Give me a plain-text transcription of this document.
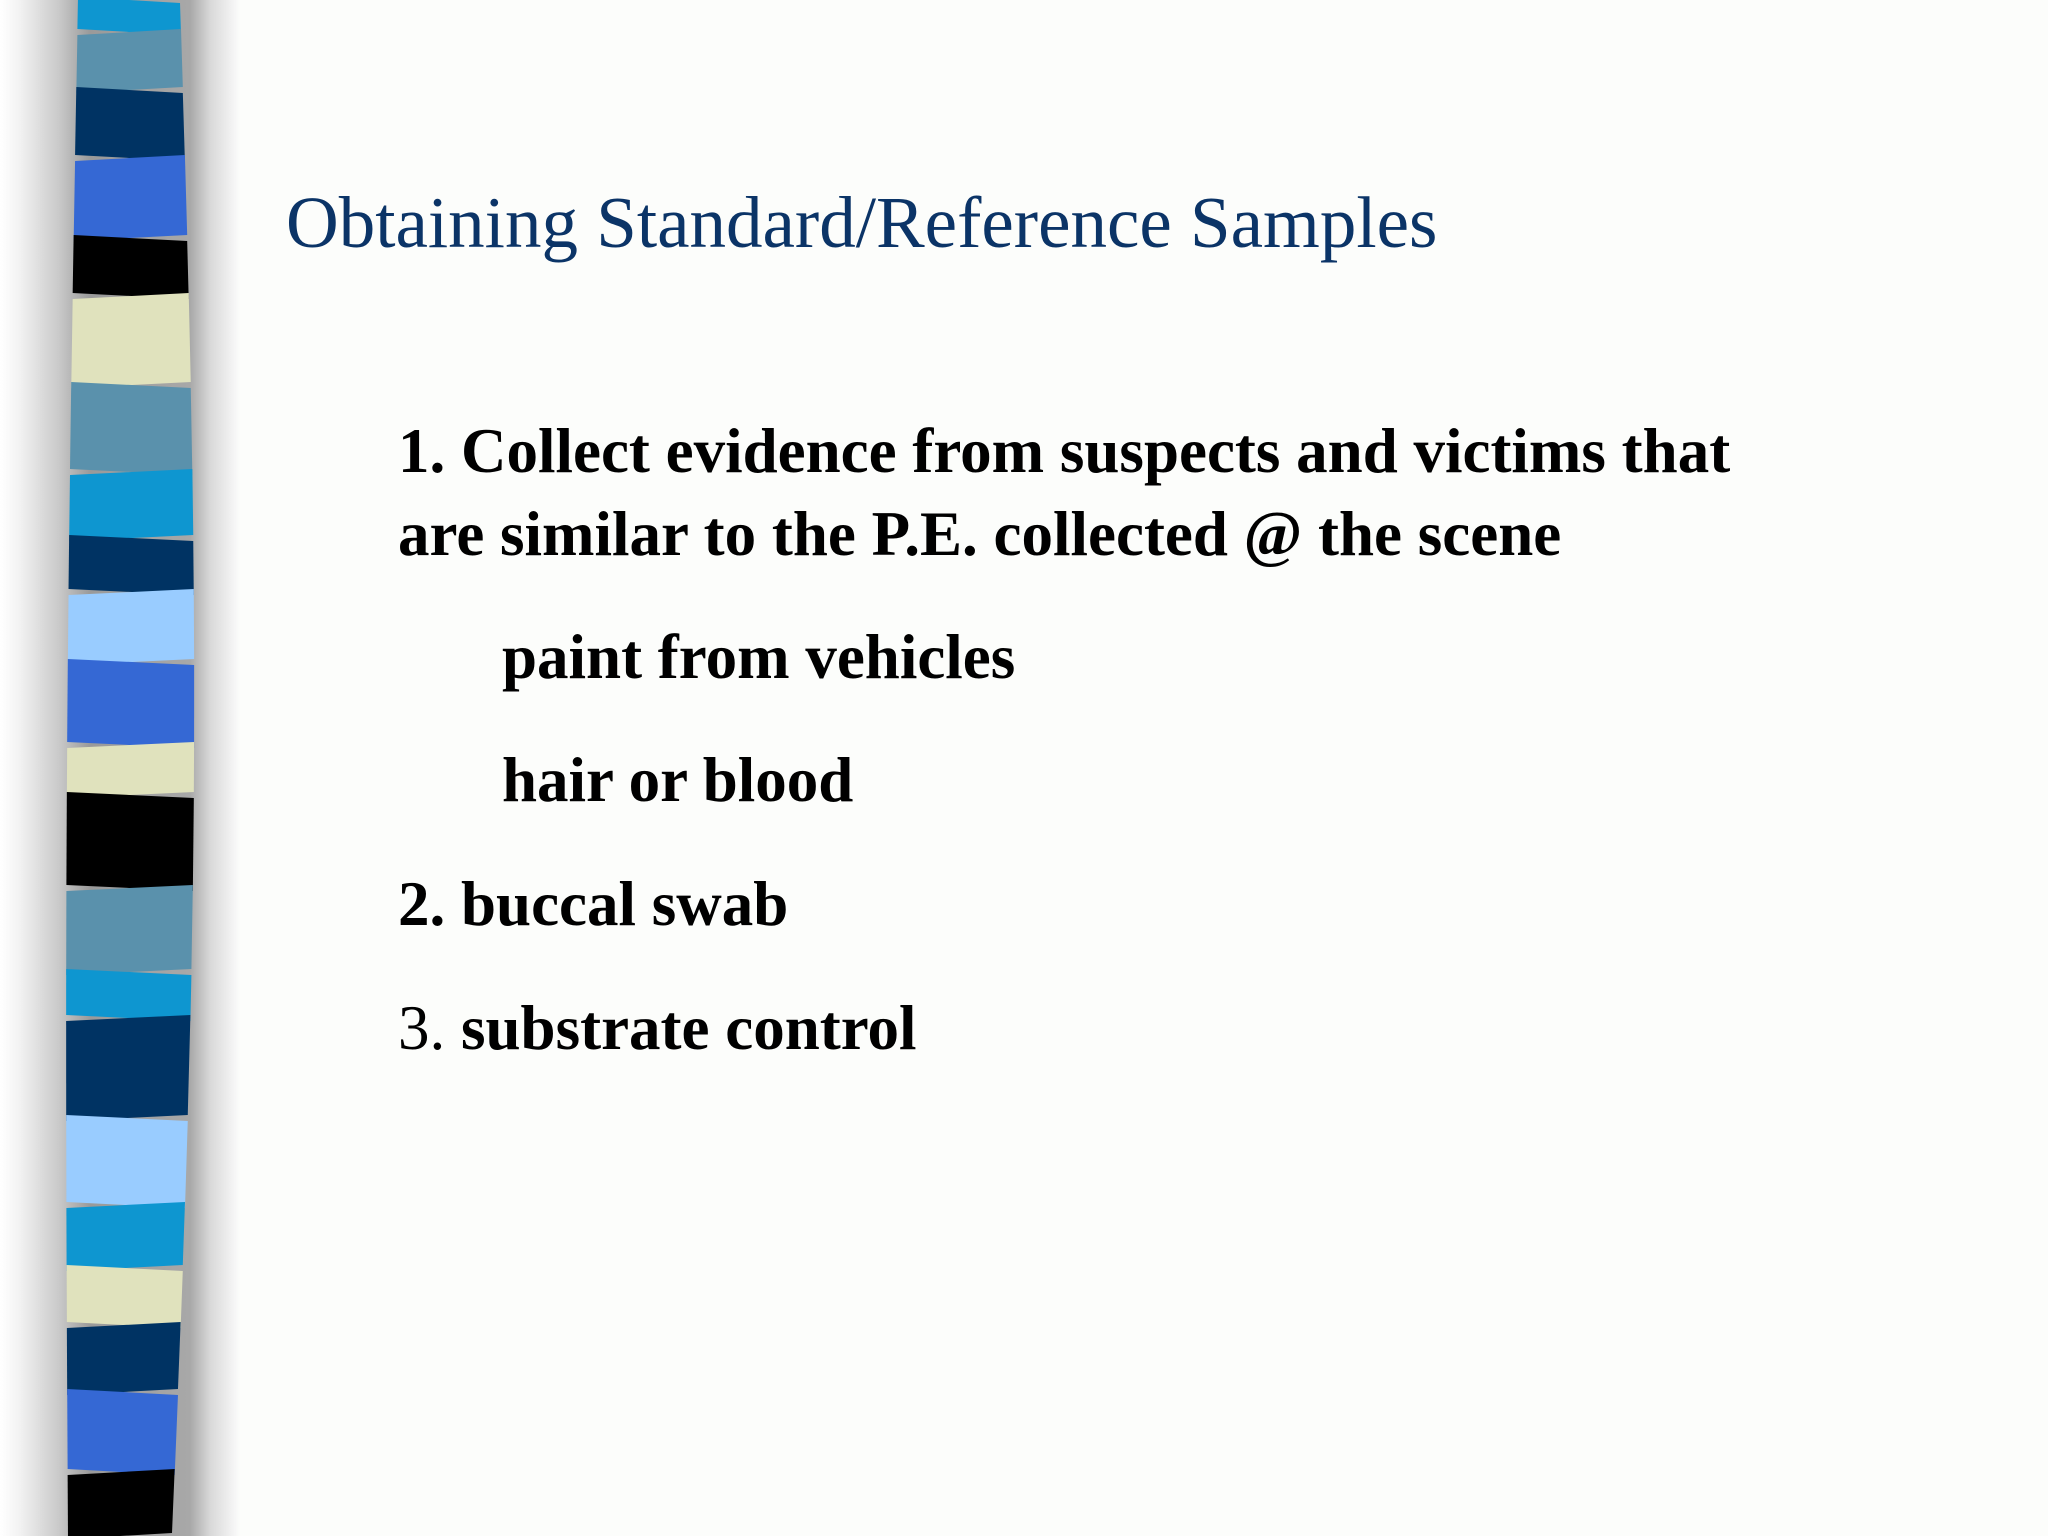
Obtaining Standard/Reference Samples

1. Collect evidence from suspects and victims that are similar to the P.E. collected @ the scene

paint from vehicles

hair or blood

2. buccal swab

3. substrate control
